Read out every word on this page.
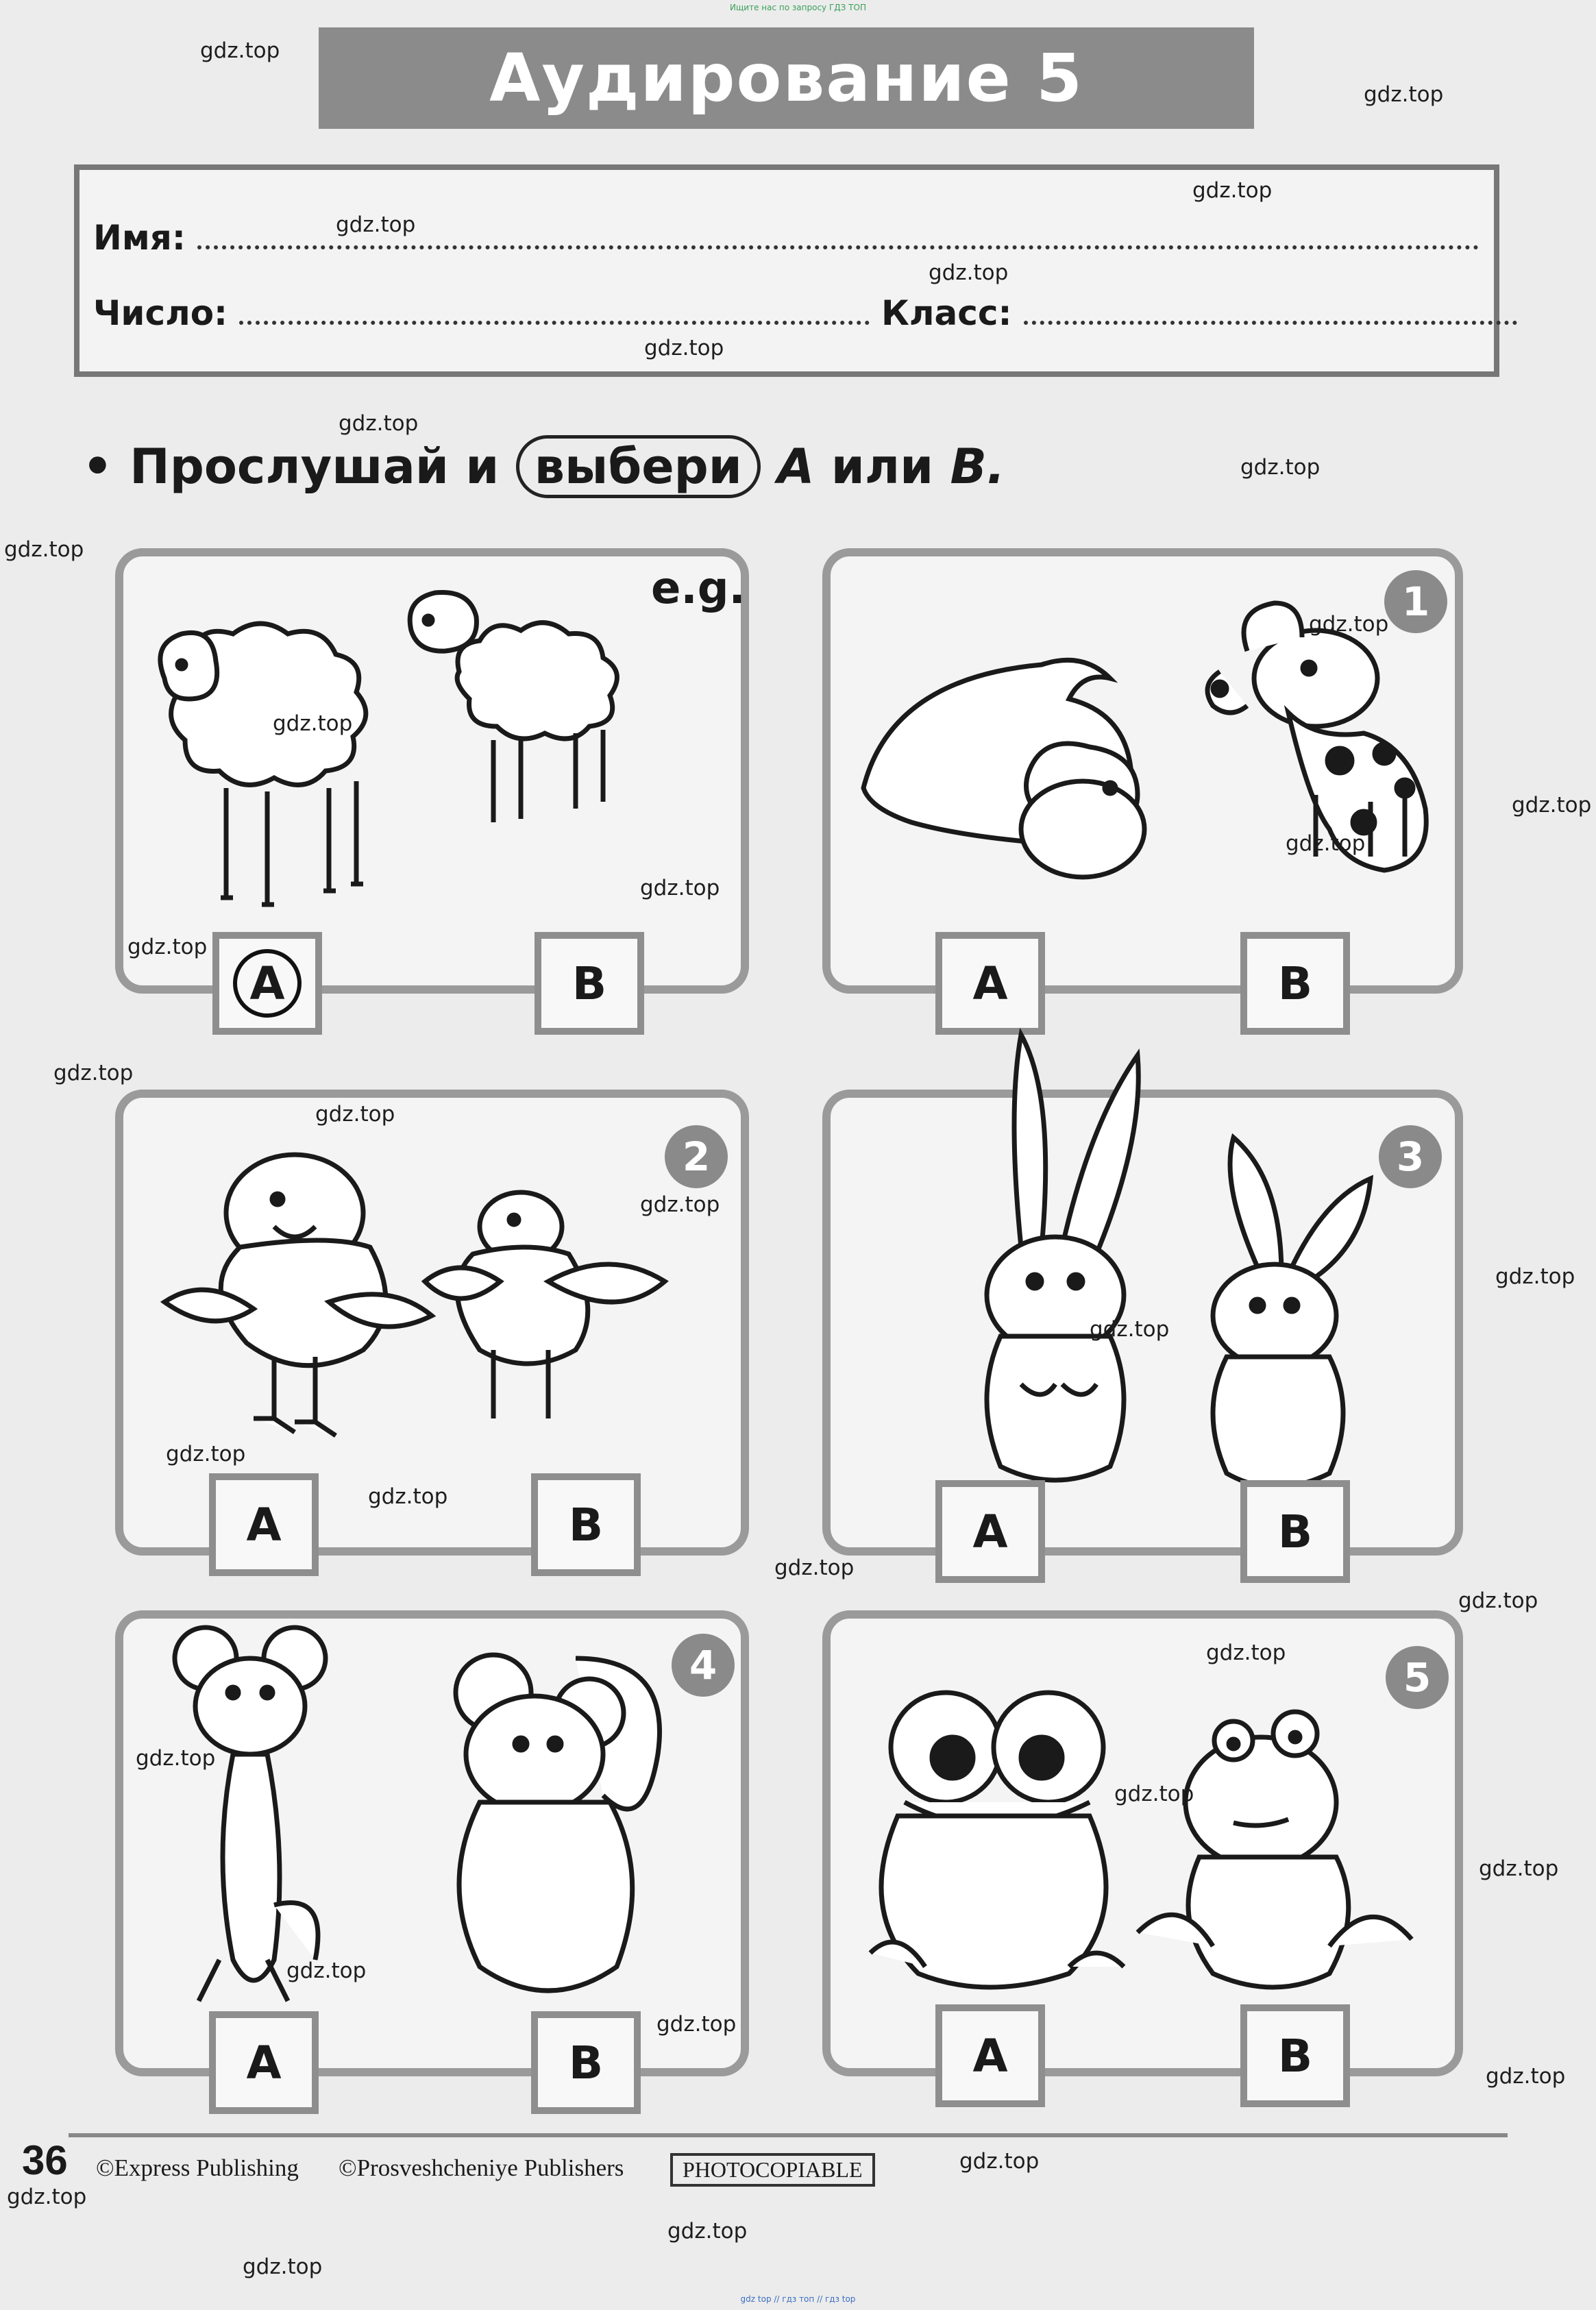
Ищите нас по запросу ГДЗ ТОП
Аудирование 5
Имя:
Число:	Класс:
• Прослушай и выбери A или B.
e.g.
A	B
1
A	B
2
A	B
3
A	B
4
A	B
5
A	B
gdz.top
gdz.top
gdz.top
gdz.top
gdz.top
gdz.top
gdz.top
gdz.top
gdz.top
gdz.top
gdz.top
gdz.top
gdz.top
gdz.top
gdz.top
gdz.top
gdz.top
gdz.top
gdz.top
gdz.top
gdz.top
gdz.top
gdz.top
gdz.top
gdz.top
gdz.top
gdz.top
gdz.top
gdz.top
gdz.top
gdz.top
gdz.top
gdz.top
gdz.top
gdz.top
36 ©Express Publishing ©Prosveshcheniye Publishers	PHOTOCOPIABLE
gdz top // гдз топ // гдз top
